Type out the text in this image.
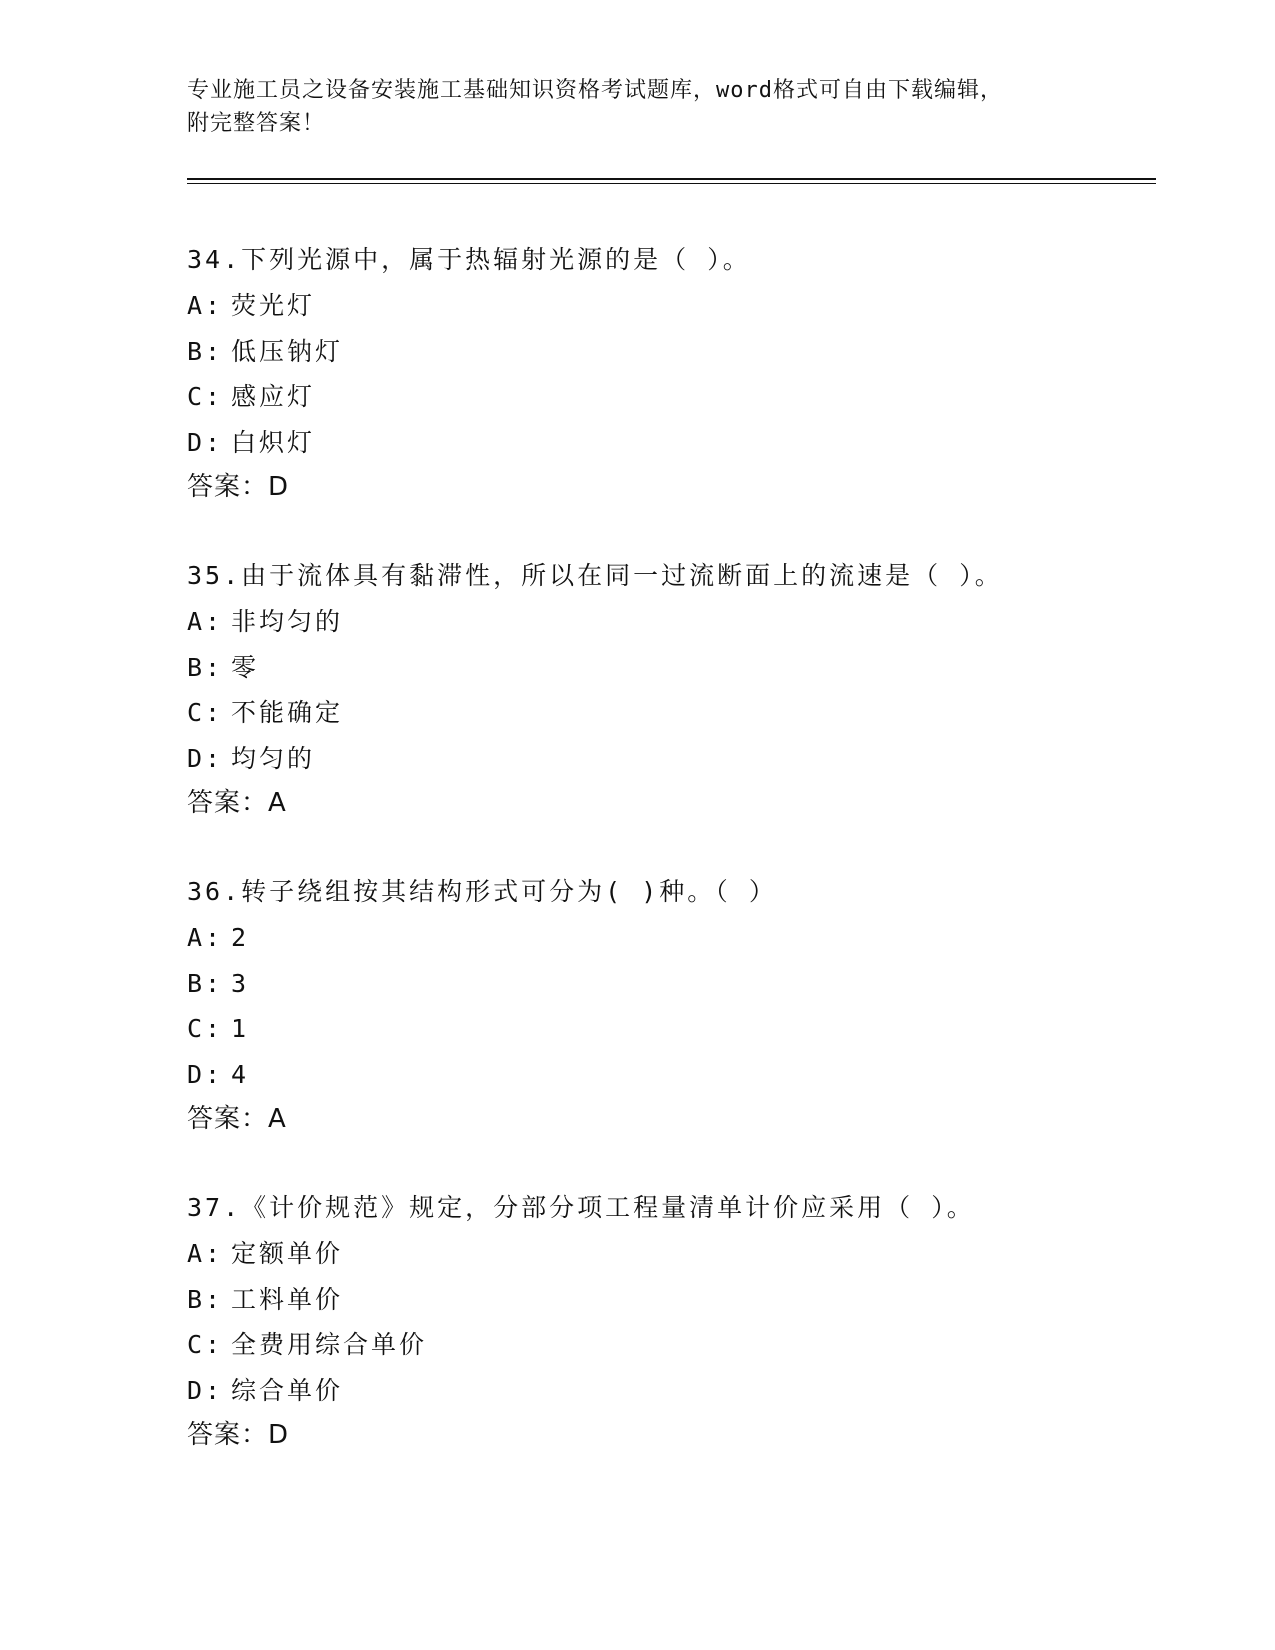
专业施工员之设备安装施工基础知识资格考试题库，word格式可自由下载编辑，
附完整答案！
34.下列光源中，属于热辐射光源的是（ ）。
A: 荧光灯
B: 低压钠灯
C: 感应灯
D: 白炽灯
答案：D
35.由于流体具有黏滞性，所以在同一过流断面上的流速是（ ）。
A: 非均匀的
B: 零
C: 不能确定
D: 均匀的
答案：A
36.转子绕组按其结构形式可分为( )种。（ ）
A: 2
B: 3
C: 1
D: 4
答案：A
37.《计价规范》规定，分部分项工程量清单计价应采用（ ）。
A: 定额单价
B: 工料单价
C: 全费用综合单价
D: 综合单价
答案：D
